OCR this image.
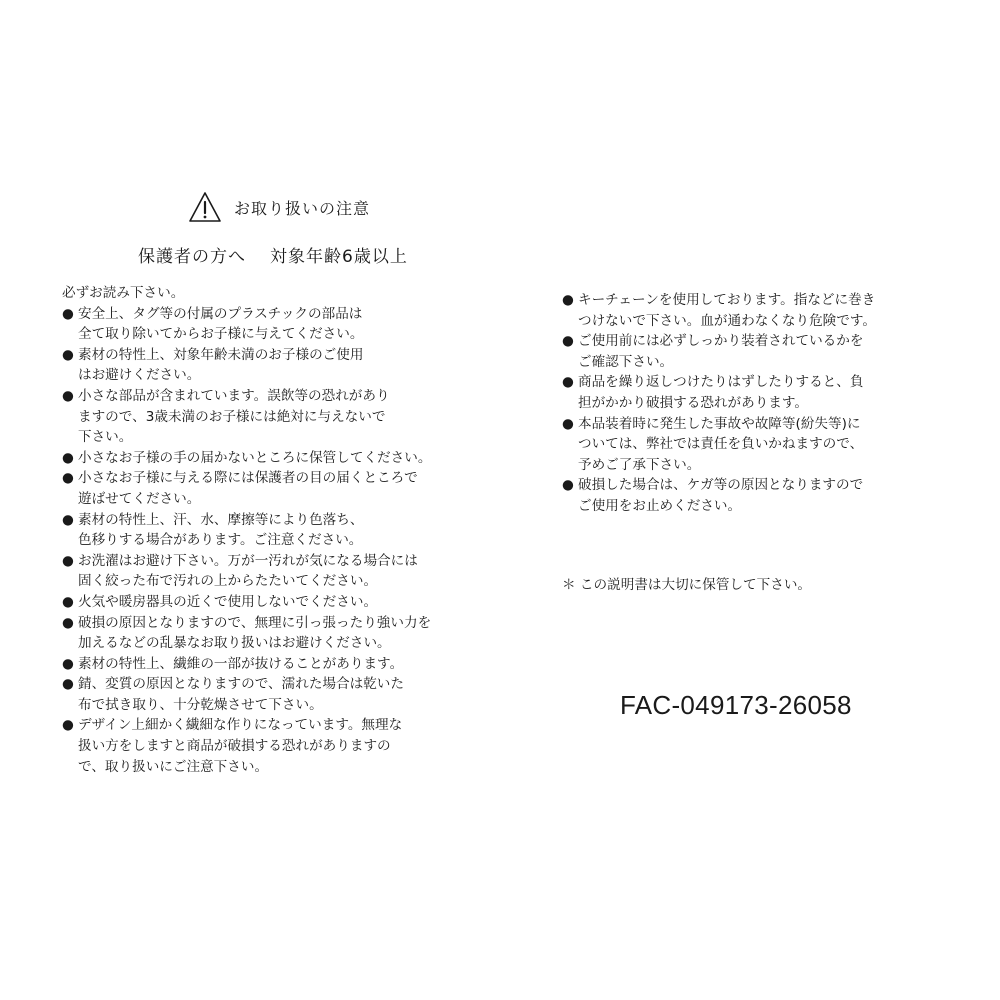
お取り扱いの注意
保護者の方へ 対象年齢6歳以上
必ずお読み下さい。
● 安全上、タグ等の付属のプラスチックの部品は
全て取り除いてからお子様に与えてください。
● 素材の特性上、対象年齢未満のお子様のご使用
はお避けください。
● 小さな部品が含まれています。誤飲等の恐れがあり
ますので、3歳未満のお子様には絶対に与えないで
下さい。
● 小さなお子様の手の届かないところに保管してください。
● 小さなお子様に与える際には保護者の目の届くところで
遊ばせてください。
● 素材の特性上、汗、水、摩擦等により色落ち、
色移りする場合があります。ご注意ください。
● お洗濯はお避け下さい。万が一汚れが気になる場合には
固く絞った布で汚れの上からたたいてください。
● 火気や暖房器具の近くで使用しないでください。
● 破損の原因となりますので、無理に引っ張ったり強い力を
加えるなどの乱暴なお取り扱いはお避けください。
● 素材の特性上、繊維の一部が抜けることがあります。
● 錆、変質の原因となりますので、濡れた場合は乾いた
布で拭き取り、十分乾燥させて下さい。
● デザイン上細かく繊細な作りになっています。無理な
扱い方をしますと商品が破損する恐れがありますの
で、取り扱いにご注意下さい。
● キーチェーンを使用しております。指などに巻き
つけないで下さい。血が通わなくなり危険です。
● ご使用前には必ずしっかり装着されているかを
ご確認下さい。
● 商品を繰り返しつけたりはずしたりすると、負
担がかかり破損する恐れがあります。
● 本品装着時に発生した事故や故障等(紛失等)に
ついては、弊社では責任を負いかねますので、
予めご了承下さい。
● 破損した場合は、ケガ等の原因となりますので
ご使用をお止めください。
＊ この説明書は大切に保管して下さい。
FAC-049173-26058
